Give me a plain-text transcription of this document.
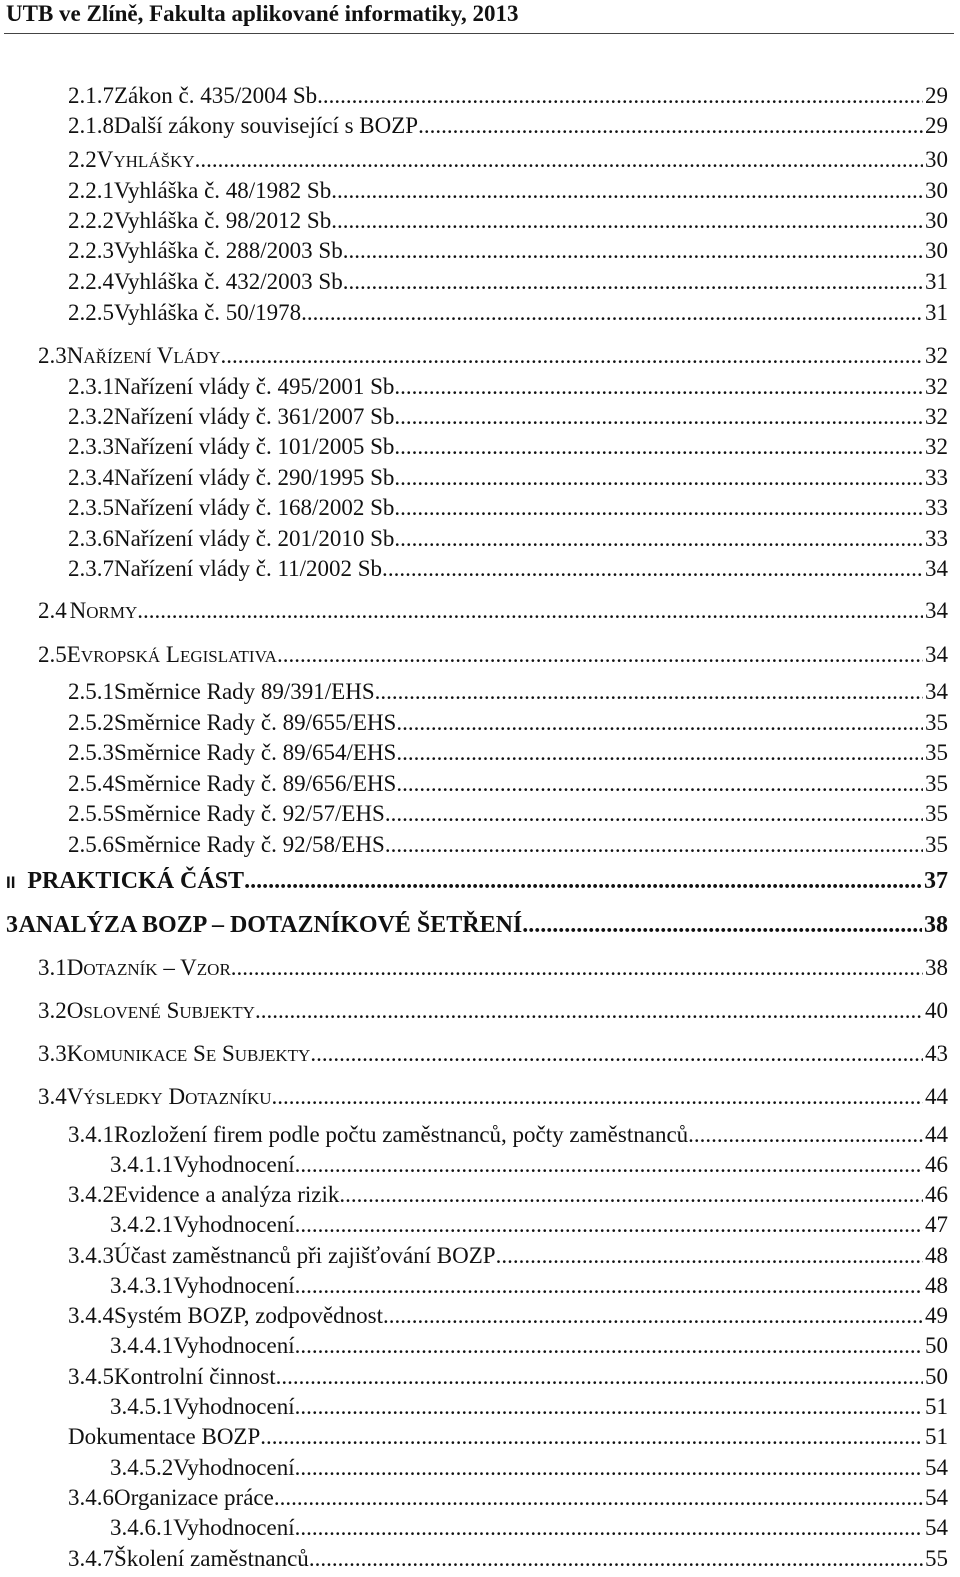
UTB ve Zlíně, Fakulta aplikované informatiky, 2013
2.1.7 Zákon č. 435/2004 Sb. .....	29
2.1.8 Další zákony související s BOZP .....	29
2.2 VYHLÁŠKY .....	30
2.2.1 Vyhláška č. 48/1982 Sb. .....	30
2.2.2 Vyhláška č. 98/2012 Sb. .....	30
2.2.3 Vyhláška č. 288/2003 Sb. .....	30
2.2.4 Vyhláška č. 432/2003 Sb. .....	31
2.2.5 Vyhláška č. 50/1978 .....	31
2.3 NAŘÍZENÍ VLÁDY .....	32
2.3.1 Nařízení vlády č. 495/2001 Sb. .....	32
2.3.2 Nařízení vlády č. 361/2007 Sb. .....	32
2.3.3 Nařízení vlády č. 101/2005 Sb. .....	32
2.3.4 Nařízení vlády č. 290/1995 Sb. .....	33
2.3.5 Nařízení vlády č. 168/2002 Sb. .....	33
2.3.6 Nařízení vlády č. 201/2010 Sb. .....	33
2.3.7 Nařízení vlády č. 11/2002 Sb. .....	34
2.4 NORMY .....	34
2.5 EVROPSKÁ LEGISLATIVA .....	34
2.5.1 Směrnice Rady 89/391/EHS .....	34
2.5.2 Směrnice Rady č. 89/655/EHS .....	35
2.5.3 Směrnice Rady č. 89/654/EHS .....	35
2.5.4 Směrnice Rady č. 89/656/EHS .....	35
2.5.5 Směrnice Rady č. 92/57/EHS .....	35
2.5.6 Směrnice Rady č. 92/58/EHS .....	35
II PRAKTICKÁ ČÁST .....	37
3 ANALÝZA BOZP – DOTAZNÍKOVÉ ŠETŘENÍ .....	38
3.1 DOTAZNÍK – VZOR .....	38
3.2 OSLOVENÉ SUBJEKTY .....	40
3.3 KOMUNIKACE SE SUBJEKTY .....	43
3.4 VÝSLEDKY DOTAZNÍKU .....	44
3.4.1 Rozložení firem podle počtu zaměstnanců, počty zaměstnanců .....	44
3.4.1.1 Vyhodnocení .....	46
3.4.2 Evidence a analýza rizik .....	46
3.4.2.1 Vyhodnocení .....	47
3.4.3 Účast zaměstnanců při zajišťování BOZP .....	48
3.4.3.1 Vyhodnocení .....	48
3.4.4 Systém BOZP, zodpovědnost .....	49
3.4.4.1 Vyhodnocení .....	50
3.4.5 Kontrolní činnost .....	50
3.4.5.1 Vyhodnocení .....	51
Dokumentace BOZP .....	51
3.4.5.2 Vyhodnocení .....	54
3.4.6 Organizace práce .....	54
3.4.6.1 Vyhodnocení .....	54
3.4.7 Školení zaměstnanců .....	55
